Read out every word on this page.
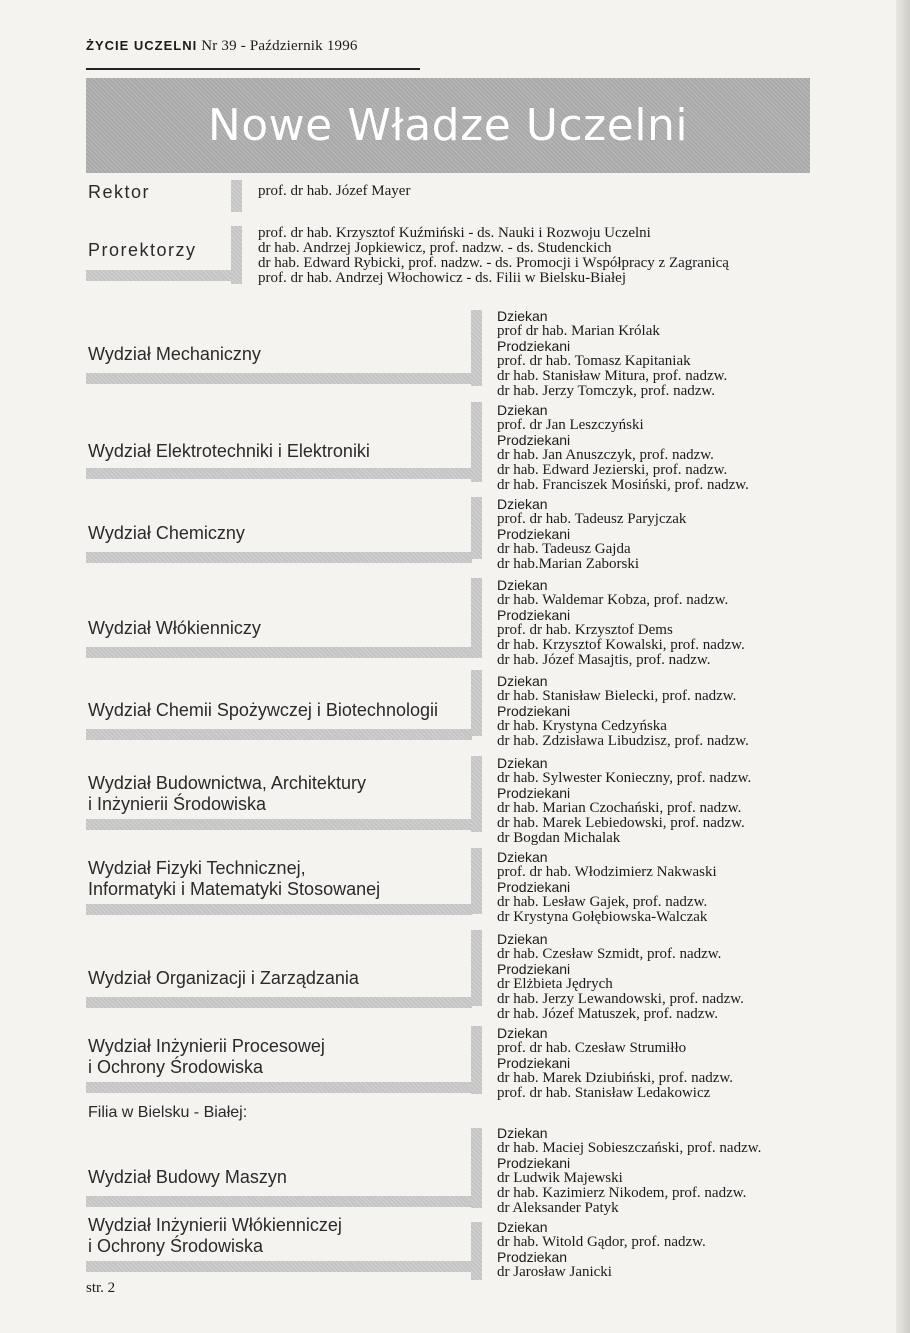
ŻYCIE UCZELNI Nr 39 - Październik 1996
Nowe Władze Uczelni
Rektor	prof. dr hab. Józef Mayer
Prorektorzy
prof. dr hab. Krzysztof Kuźmiński - ds. Nauki i Rozwoju Uczelni
dr hab. Andrzej Jopkiewicz, prof. nadzw. - ds. Studenckich
dr hab. Edward Rybicki, prof. nadzw. - ds. Promocji i Współpracy z Zagranicą
prof. dr hab. Andrzej Włochowicz - ds. Filii w Bielsku-Białej
Wydział Mechaniczny
Dziekan
prof dr hab. Marian Królak
Prodziekani
prof. dr hab. Tomasz Kapitaniak
dr hab. Stanisław Mitura, prof. nadzw.
dr hab. Jerzy Tomczyk, prof. nadzw.
Wydział Elektrotechniki i Elektroniki
Dziekan
prof. dr Jan Leszczyński
Prodziekani
dr hab. Jan Anuszczyk, prof. nadzw.
dr hab. Edward Jezierski, prof. nadzw.
dr hab. Franciszek Mosiński, prof. nadzw.
Wydział Chemiczny
Dziekan
prof. dr hab. Tadeusz Paryjczak
Prodziekani
dr hab. Tadeusz Gajda
dr hab.Marian Zaborski
Wydział Włókienniczy
Dziekan
dr hab. Waldemar Kobza, prof. nadzw.
Prodziekani
prof. dr hab. Krzysztof Dems
dr hab. Krzysztof Kowalski, prof. nadzw.
dr hab. Józef Masajtis, prof. nadzw.
Wydział Chemii Spożywczej i Biotechnologii
Dziekan
dr hab. Stanisław Bielecki, prof. nadzw.
Prodziekani
dr hab. Krystyna Cedzyńska
dr hab. Zdzisława Libudzisz, prof. nadzw.
Wydział Budownictwa, Architektury
i Inżynierii Środowiska
Dziekan
dr hab. Sylwester Konieczny, prof. nadzw.
Prodziekani
dr hab. Marian Czochański, prof. nadzw.
dr hab. Marek Lebiedowski, prof. nadzw.
dr Bogdan Michalak
Wydział Fizyki Technicznej,
Informatyki i Matematyki Stosowanej
Dziekan
prof. dr hab. Włodzimierz Nakwaski
Prodziekani
dr hab. Lesław Gajek, prof. nadzw.
dr Krystyna Gołębiowska-Walczak
Wydział Organizacji i Zarządzania
Dziekan
dr hab. Czesław Szmidt, prof. nadzw.
Prodziekani
dr Elżbieta Jędrych
dr hab. Jerzy Lewandowski, prof. nadzw.
dr hab. Józef Matuszek, prof. nadzw.
Wydział Inżynierii Procesowej
i Ochrony Środowiska
Dziekan
prof. dr hab. Czesław Strumiłło
Prodziekani
dr hab. Marek Dziubiński, prof. nadzw.
prof. dr hab. Stanisław Ledakowicz
Wydział Budowy Maszyn
Dziekan
dr hab. Maciej Sobieszczański, prof. nadzw.
Prodziekani
dr Ludwik Majewski
dr hab. Kazimierz Nikodem, prof. nadzw.
dr Aleksander Patyk
Wydział Inżynierii Włókienniczej
i Ochrony Środowiska
Dziekan
dr hab. Witold Gądor, prof. nadzw.
Prodziekan
dr Jarosław Janicki
Filia w Bielsku - Białej:
str. 2
